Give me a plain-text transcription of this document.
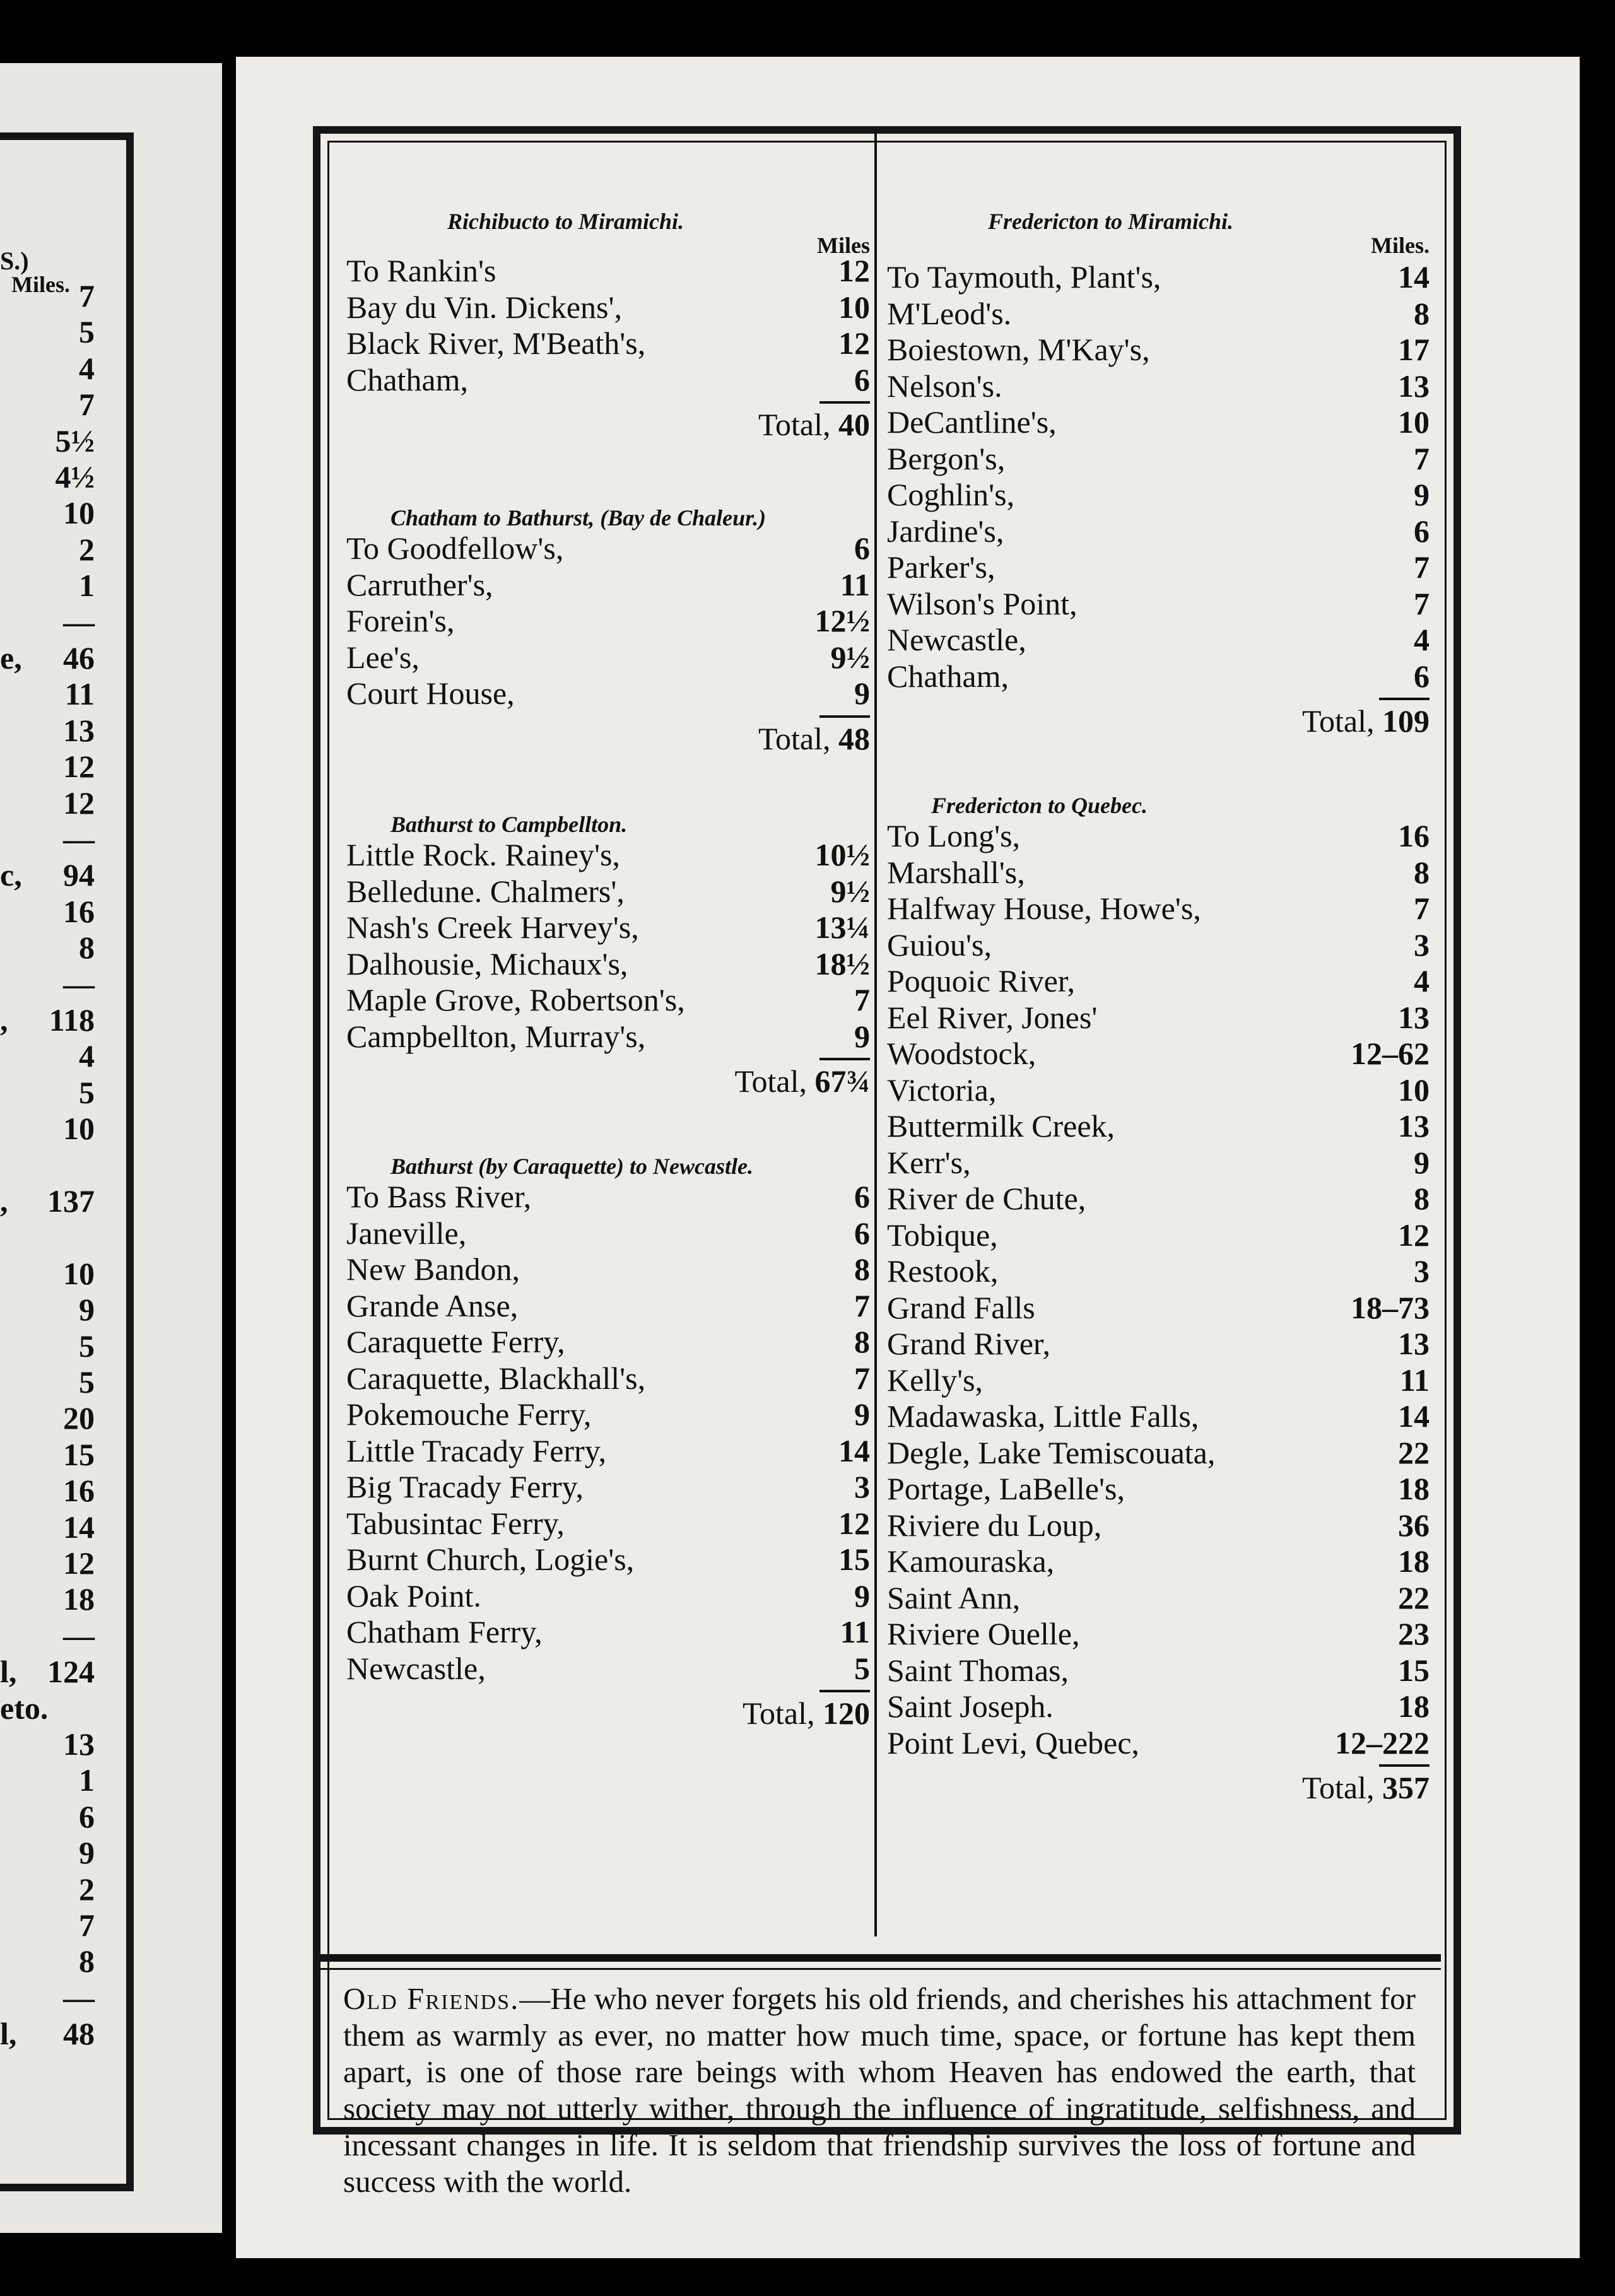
S.)
Miles. 7
5
4
7
5½
4½
10
2
1
—
e, 46
11
13
12
12
—
c, 94
16
8
—
, 118
4
5
10
, 137
10
9
5
5
20
15
16
14
12
18
—
l, 124
eto.
13
1
6
9
2
7
8
—
l, 48
Richibucto to Miramichi.
Miles
To Rankin's	12
Bay du Vin. Dickens',	10
Black River, M'Beath's,	12
Chatham,	6
Total, 40
Chatham to Bathurst, (Bay de Chaleur.)
To Goodfellow's,	6
Carruther's,	11
Forein's,	12½
Lee's,	9½
Court House,	9
Total, 48
Bathurst to Campbellton.
Little Rock. Rainey's,	10½
Belledune. Chalmers',	9½
Nash's Creek Harvey's,	13¼
Dalhousie, Michaux's,	18½
Maple Grove, Robertson's,	7
Campbellton, Murray's,	9
Total, 67¾
Bathurst (by Caraquette) to Newcastle.
To Bass River,	6
Janeville,	6
New Bandon,	8
Grande Anse,	7
Caraquette Ferry,	8
Caraquette, Blackhall's,	7
Pokemouche Ferry,	9
Little Tracady Ferry,	14
Big Tracady Ferry,	3
Tabusintac Ferry,	12
Burnt Church, Logie's,	15
Oak Point.	9
Chatham Ferry,	11
Newcastle,	5
Total, 120
Fredericton to Miramichi.
Miles.
To Taymouth, Plant's,	14
M'Leod's.	8
Boiestown, M'Kay's,	17
Nelson's.	13
DeCantline's,	10
Bergon's,	7
Coghlin's,	9
Jardine's,	6
Parker's,	7
Wilson's Point,	7
Newcastle,	4
Chatham,	6
Total, 109
Fredericton to Quebec.
To Long's,	16
Marshall's,	8
Halfway House, Howe's,	7
Guiou's,	3
Poquoic River,	4
Eel River, Jones'	13
Woodstock,	12–62
Victoria,	10
Buttermilk Creek,	13
Kerr's,	9
River de Chute,	8
Tobique,	12
Restook,	3
Grand Falls	18–73
Grand River,	13
Kelly's,	11
Madawaska, Little Falls,	14
Degle, Lake Temiscouata,	22
Portage, LaBelle's,	18
Riviere du Loup,	36
Kamouraska,	18
Saint Ann,	22
Riviere Ouelle,	23
Saint Thomas,	15
Saint Joseph.	18
Point Levi, Quebec,	12–222
Total, 357
Old Friends.—He who never forgets his old friends, and cherishes his attachment for them as warmly as ever, no matter how much time, space, or fortune has kept them apart, is one of those rare beings with whom Heaven has endowed the earth, that society may not utterly wither, through the influence of ingratitude, selfishness, and incessant changes in life. It is seldom that friendship survives the loss of fortune and success with the world.
